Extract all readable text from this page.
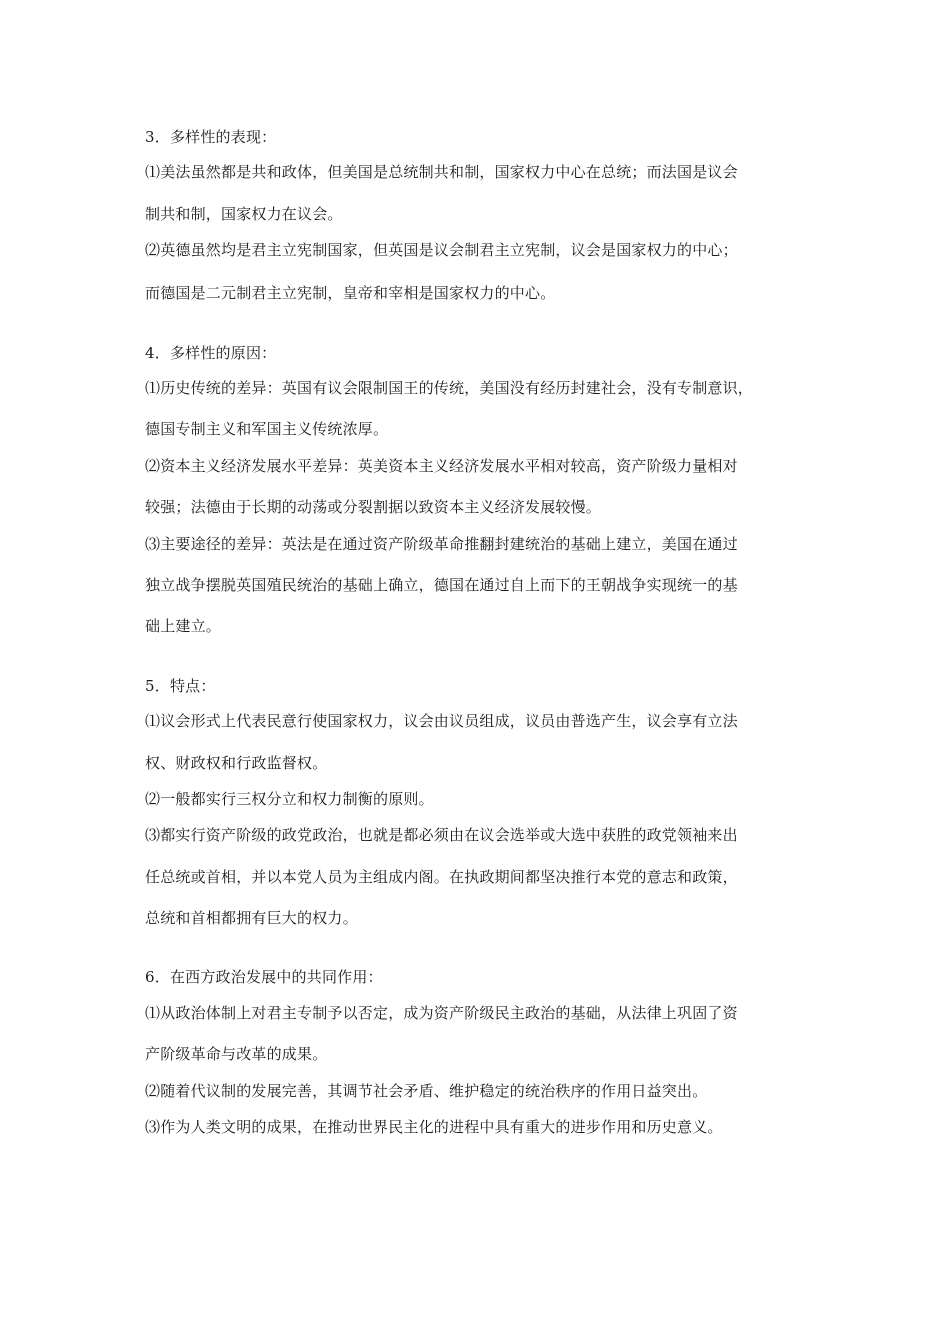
3．多样性的表现：
⑴美法虽然都是共和政体，但美国是总统制共和制，国家权力中心在总统；而法国是议会
制共和制，国家权力在议会。
⑵英德虽然均是君主立宪制国家，但英国是议会制君主立宪制，议会是国家权力的中心；
而德国是二元制君主立宪制，皇帝和宰相是国家权力的中心。
4．多样性的原因：
⑴历史传统的差异：英国有议会限制国王的传统，美国没有经历封建社会，没有专制意识，
德国专制主义和军国主义传统浓厚。
⑵资本主义经济发展水平差异：英美资本主义经济发展水平相对较高，资产阶级力量相对
较强；法德由于长期的动荡或分裂割据以致资本主义经济发展较慢。
⑶主要途径的差异：英法是在通过资产阶级革命推翻封建统治的基础上建立，美国在通过
独立战争摆脱英国殖民统治的基础上确立，德国在通过自上而下的王朝战争实现统一的基
础上建立。
5．特点：
⑴议会形式上代表民意行使国家权力，议会由议员组成，议员由普选产生，议会享有立法
权、财政权和行政监督权。
⑵一般都实行三权分立和权力制衡的原则。
⑶都实行资产阶级的政党政治，也就是都必须由在议会选举或大选中获胜的政党领袖来出
任总统或首相，并以本党人员为主组成内阁。在执政期间都坚决推行本党的意志和政策，
总统和首相都拥有巨大的权力。
6．在西方政治发展中的共同作用：
⑴从政治体制上对君主专制予以否定，成为资产阶级民主政治的基础，从法律上巩固了资
产阶级革命与改革的成果。
⑵随着代议制的发展完善，其调节社会矛盾、维护稳定的统治秩序的作用日益突出。
⑶作为人类文明的成果，在推动世界民主化的进程中具有重大的进步作用和历史意义。
